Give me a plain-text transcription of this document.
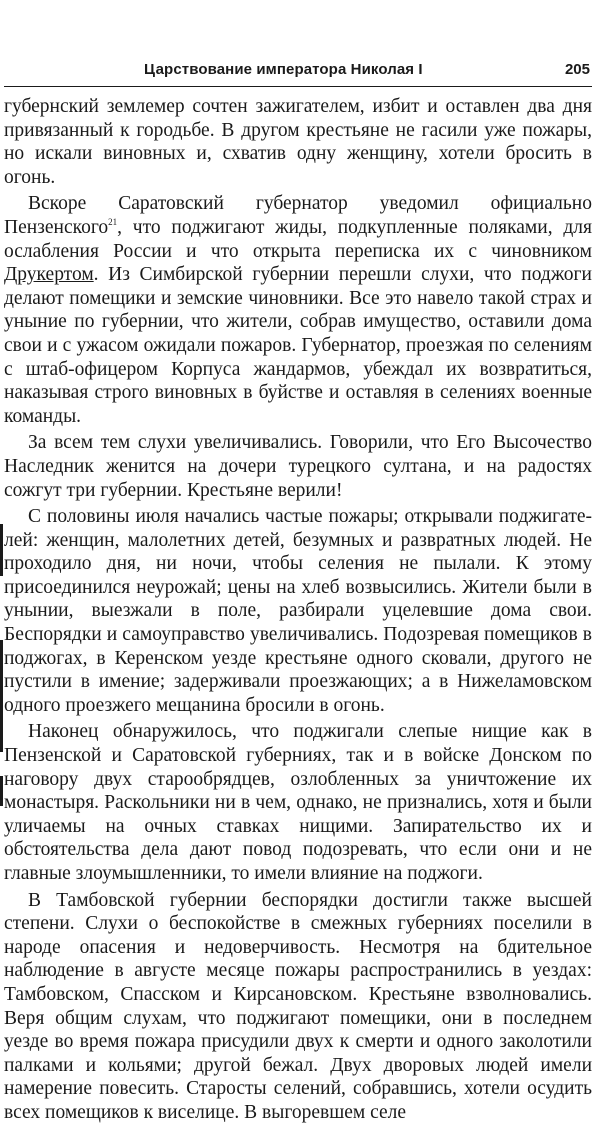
Царствование императора Николая I	205

губернский землемер сочтен зажигателем, избит и оставлен два дня привязанный к городьбе. В другом крестьяне не гасили уже пожары, но искали виновных и, схватив одну женщину, хотели бросить в огонь.

Вскоре Саратовский губернатор уведомил официально Пензенского$^{21}$, что поджигают жиды, подкупленные поляками, для ослабления России и что открыта переписка их с чиновником Друкертом. Из Симбирской губернии перешли слухи, что поджоги делают помещики и земские чиновники. Все это навело такой страх и уныние по губернии, что жители, собрав имущество, оставили дома свои и с ужасом ожидали пожаров. Губернатор, проезжая по селениям с штаб-офицером Корпуса жандармов, убеждал их возвратиться, наказывая строго виновных в буйстве и оставляя в селениях военные команды.

За всем тем слухи увеличивались. Говорили, что Его Высочество Наследник женится на дочери турецкого султана, и на радостях сожгут три губернии. Крестьяне верили!

С половины июля начались частые пожары; открывали поджигателей: женщин, малолетних детей, безумных и развратных людей. Не проходило дня, ни ночи, чтобы селения не пылали. К этому присоединился неурожай; цены на хлеб возвысились. Жители были в унынии, выезжали в поле, разбирали уцелевшие дома свои. Беспорядки и самоуправство увеличивались. Подозревая помещиков в поджогах, в Керенском уезде крестьяне одного сковали, другого не пустили в имение; задерживали проезжающих; а в Нижеламовском одного проезжего мещанина бросили в огонь.

Наконец обнаружилось, что поджигали слепые нищие как в Пензенской и Саратовской губерниях, так и в войске Донском по наговору двух старообрядцев, озлобленных за уничтожение их монастыря. Раскольники ни в чем, однако, не признались, хотя и были уличаемы на очных ставках нищими. Запирательство их и обстоятельства дела дают повод подозревать, что если они и не главные злоумышленники, то имели влияние на поджоги.

В Тамбовской губернии беспорядки достигли также высшей степени. Слухи о беспокойстве в смежных губерниях поселили в народе опасения и недоверчивость. Несмотря на бдительное наблюдение в августе месяце пожары распространились в уездах: Тамбовском, Спасском и Кирсановском. Крестьяне взволновались. Веря общим слухам, что поджигают помещики, они в последнем уезде во время пожара присудили двух к смерти и одного заколотили палками и кольями; другой бежал. Двух дворовых людей имели намерение повесить. Старосты селений, собравшись, хотели осудить всех помещиков к виселице. В выгоревшем селе
